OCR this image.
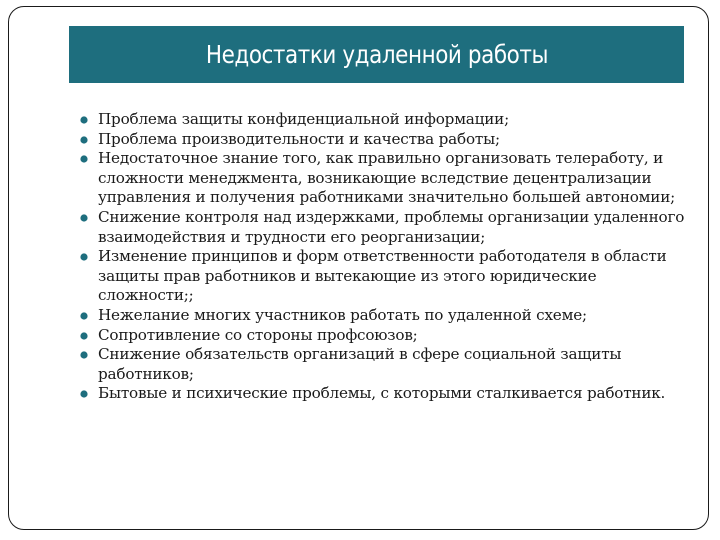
Недостатки удаленной работы
Проблема защиты конфиденциальной информации;
Проблема производительности и качества работы;
Недостаточное знание того, как правильно организовать телеработу, и сложности менеджмента, возникающие вследствие децентрализации управления и получения работниками значительно большей автономии;
Снижение контроля над издержками, проблемы организации удаленного взаимодействия и трудности его реорганизации;
Изменение принципов и форм ответственности работодателя в области защиты прав работников и вытекающие из этого юридические сложности;;
Нежелание многих участников работать по удаленной схеме;
Сопротивление со стороны профсоюзов;
Снижение обязательств организаций в сфере социальной защиты работников;
Бытовые и психические проблемы, с которыми сталкивается работник.
